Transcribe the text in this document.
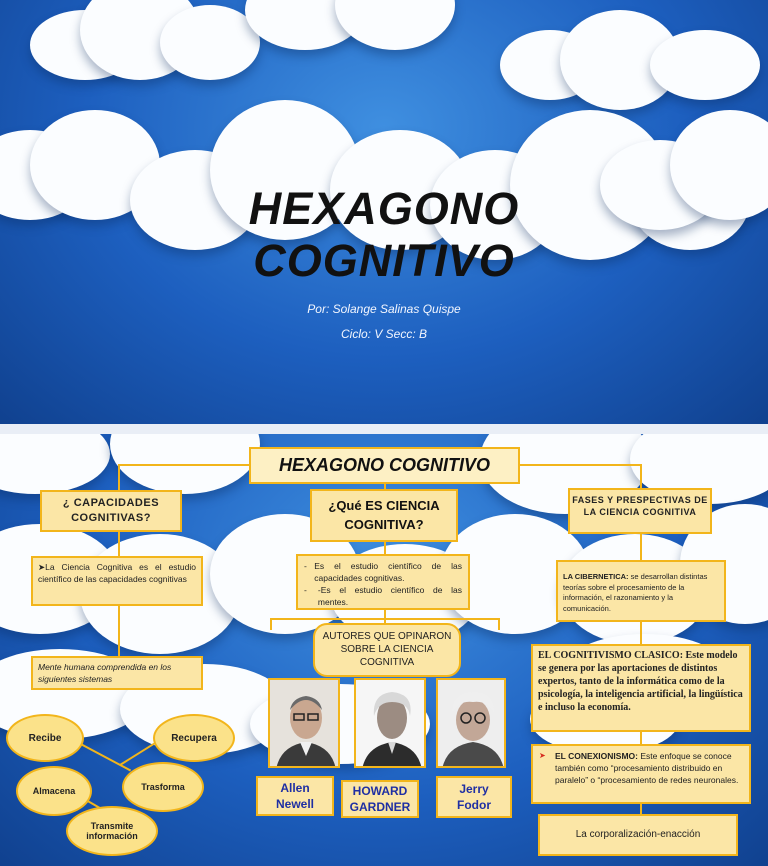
HEXAGONO
COGNITIVO
Por: Solange Salinas Quispe
Ciclo: V Secc: B
HEXAGONO COGNITIVO
¿ CAPACIDADES COGNITIVAS?
➤La Ciencia Cognitiva es el estudio científico de las capacidades cognitivas
Mente humana comprendida en los siguientes sistemas
Recibe	Recupera
Almacena	Trasforma
Transmite información
¿Qué ES CIENCIA COGNITIVA?
- Es el estudio científico de las capacidades cognitivas.
-	-Es el estudio científico de las mentes.
AUTORES QUE OPINARON SOBRE LA CIENCIA COGNITIVA
Allen Newell
HOWARD GARDNER
Jerry Fodor
FASES Y PRESPECTIVAS DE LA CIENCIA COGNITIVA
LA CIBERNETICA: se desarrollan distintas teorías sobre el procesamiento de la información, el razonamiento y la comunicación.
EL COGNITIVISMO CLASICO: Este modelo se genera por las aportaciones de distintos expertos, tanto de la informática como de la psicología, la inteligencia artificial, la lingüística e incluso la economía.
➤ EL CONEXIONISMO: Este enfoque se conoce también como “procesamiento distribuido en paralelo” o “procesamiento de redes neuronales.
La corporalización-enacción
